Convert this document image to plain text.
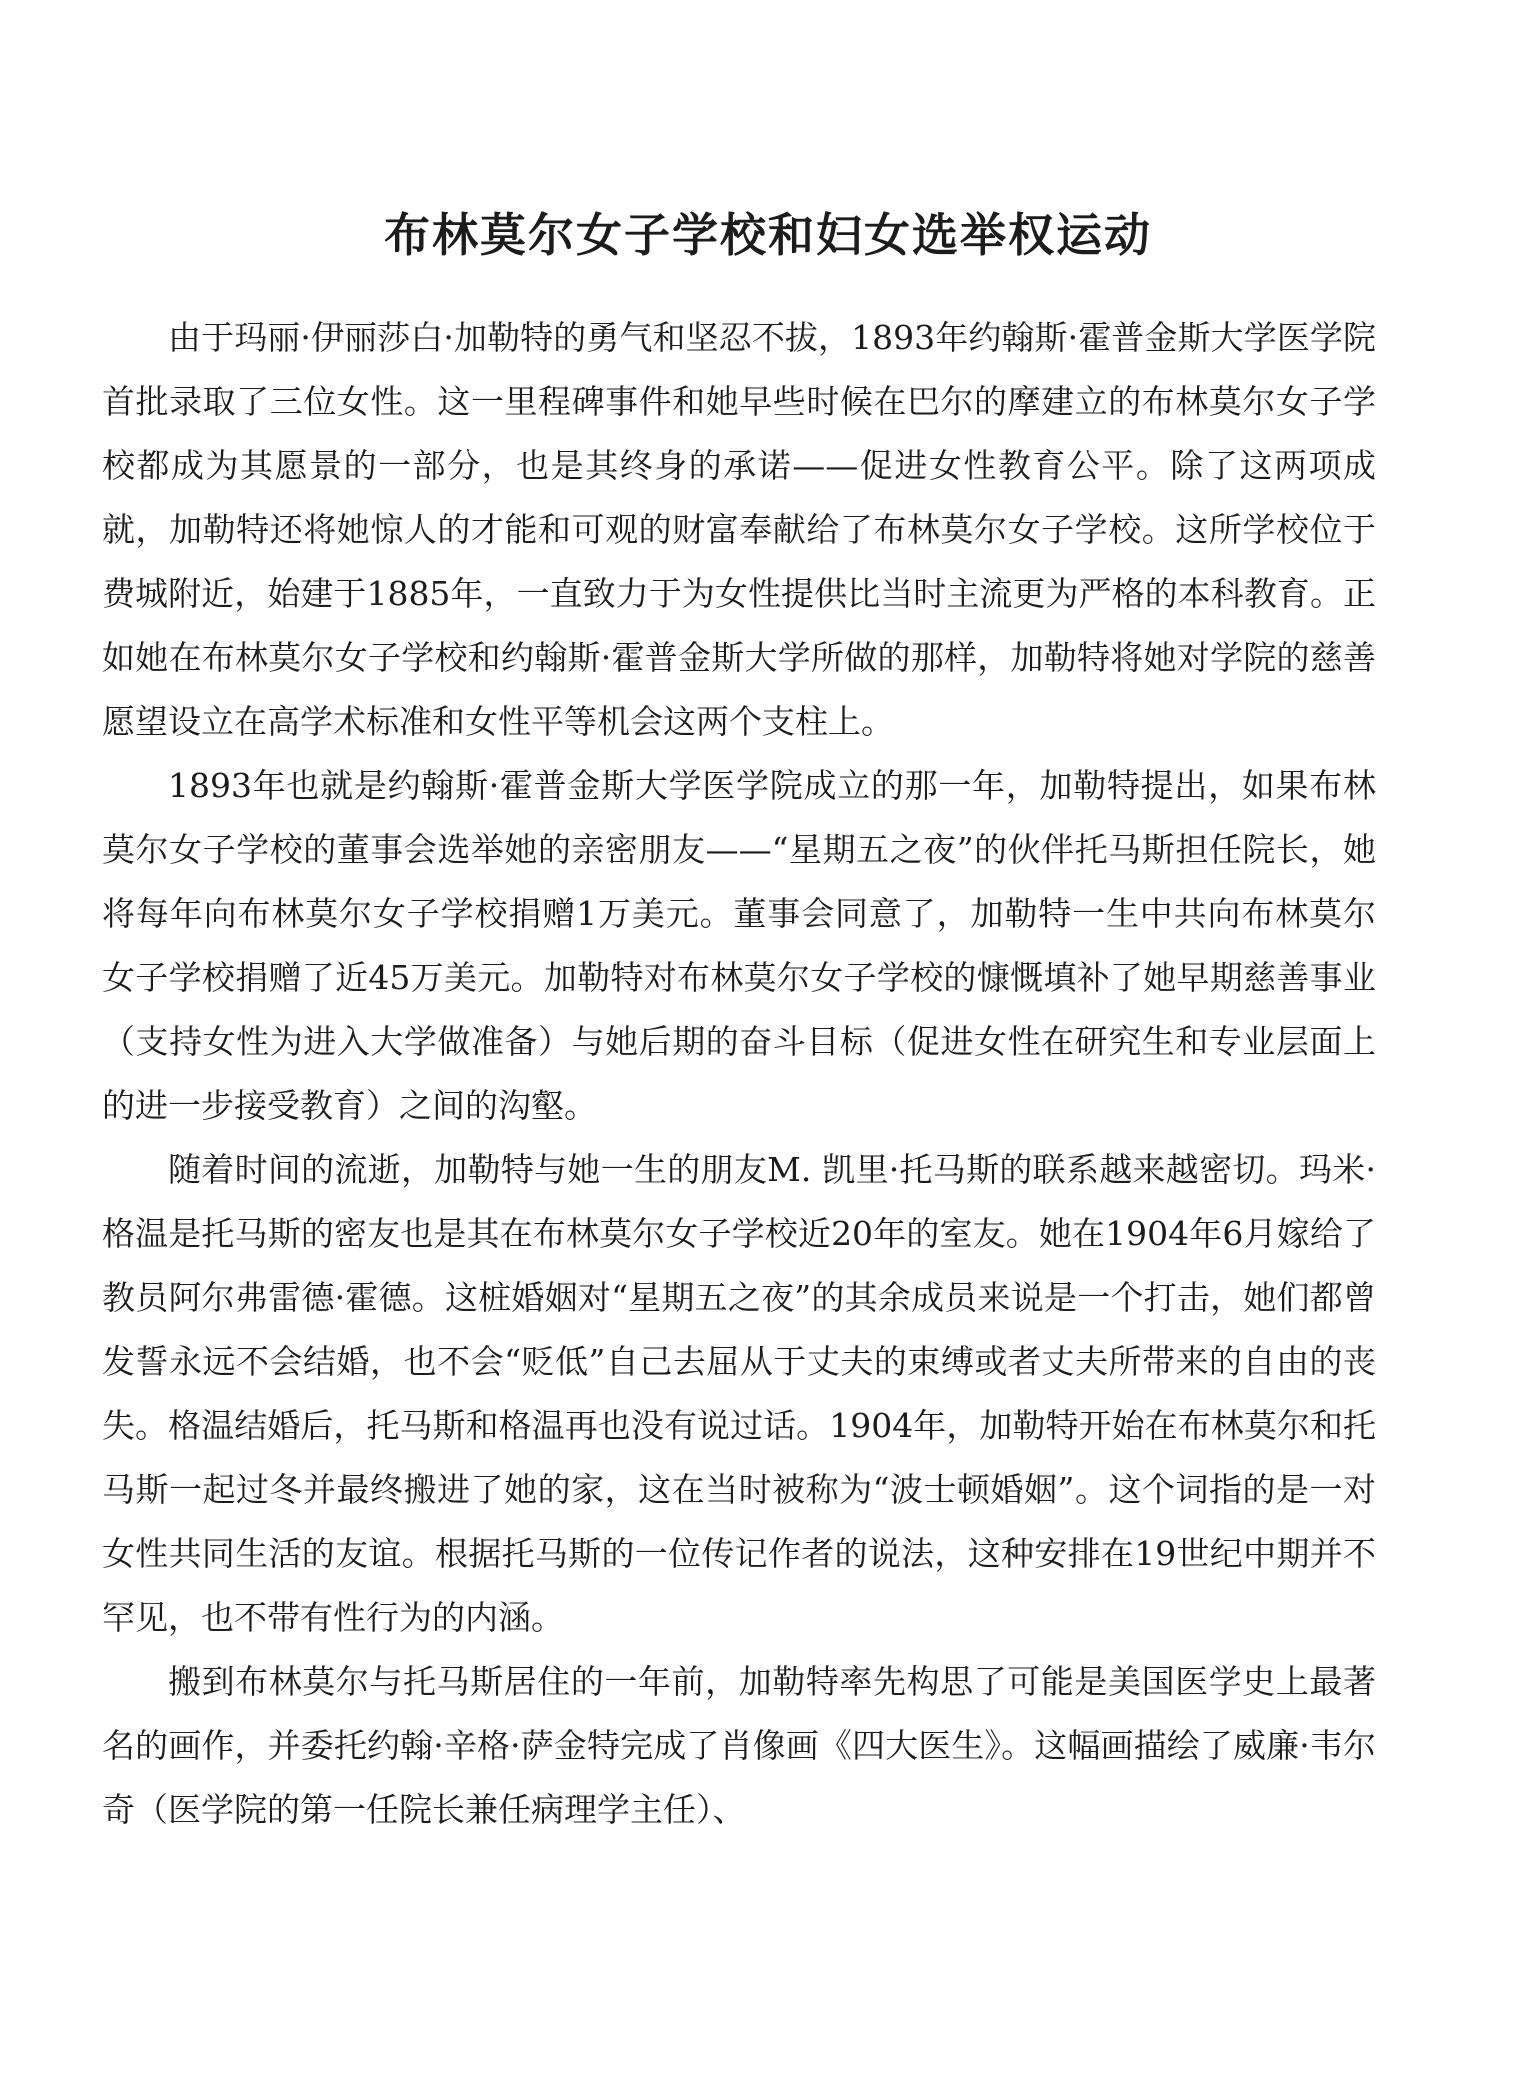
布林莫尔女子学校和妇女选举权运动

由于玛丽·伊丽莎白·加勒特的勇气和坚忍不拔，1893年约翰斯·霍普金斯大学医学院首批录取了三位女性。这一里程碑事件和她早些时候在巴尔的摩建立的布林莫尔女子学校都成为其愿景的一部分，也是其终身的承诺——促进女性教育公平。除了这两项成就，加勒特还将她惊人的才能和可观的财富奉献给了布林莫尔女子学校。这所学校位于费城附近，始建于1885年，一直致力于为女性提供比当时主流更为严格的本科教育。正如她在布林莫尔女子学校和约翰斯·霍普金斯大学所做的那样，加勒特将她对学院的慈善愿望设立在高学术标准和女性平等机会这两个支柱上。

1893年也就是约翰斯·霍普金斯大学医学院成立的那一年，加勒特提出，如果布林莫尔女子学校的董事会选举她的亲密朋友——“星期五之夜”的伙伴托马斯担任院长，她将每年向布林莫尔女子学校捐赠1万美元。董事会同意了，加勒特一生中共向布林莫尔女子学校捐赠了近45万美元。加勒特对布林莫尔女子学校的慷慨填补了她早期慈善事业（支持女性为进入大学做准备）与她后期的奋斗目标（促进女性在研究生和专业层面上的进一步接受教育）之间的沟壑。

随着时间的流逝，加勒特与她一生的朋友M. 凯里·托马斯的联系越来越密切。玛米·格温是托马斯的密友也是其在布林莫尔女子学校近20年的室友。她在1904年6月嫁给了教员阿尔弗雷德·霍德。这桩婚姻对“星期五之夜”的其余成员来说是一个打击，她们都曾发誓永远不会结婚，也不会“贬低”自己去屈从于丈夫的束缚或者丈夫所带来的自由的丧失。格温结婚后，托马斯和格温再也没有说过话。1904年，加勒特开始在布林莫尔和托马斯一起过冬并最终搬进了她的家，这在当时被称为“波士顿婚姻”。这个词指的是一对女性共同生活的友谊。根据托马斯的一位传记作者的说法，这种安排在19世纪中期并不罕见，也不带有性行为的内涵。

搬到布林莫尔与托马斯居住的一年前，加勒特率先构思了可能是美国医学史上最著名的画作，并委托约翰·辛格·萨金特完成了肖像画《四大医生》。这幅画描绘了威廉·韦尔奇（医学院的第一任院长兼任病理学主任）、
